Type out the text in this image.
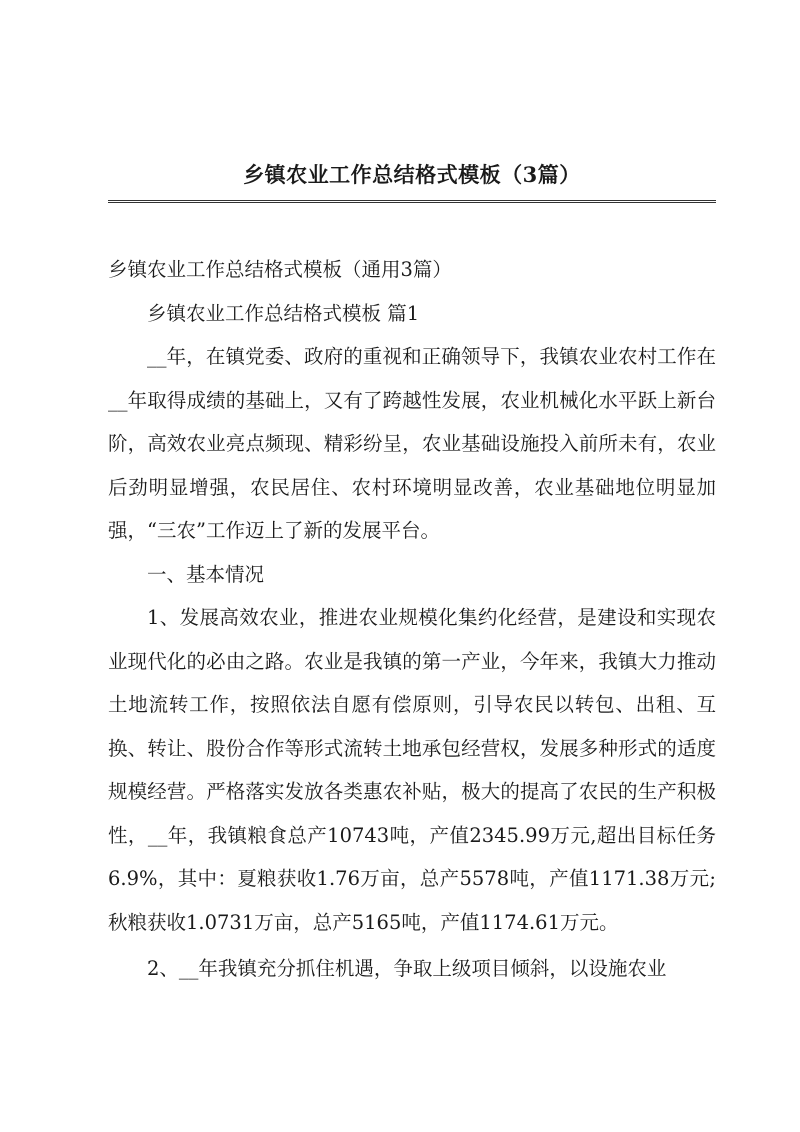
乡镇农业工作总结格式模板（3篇）

乡镇农业工作总结格式模板（通用3篇）

乡镇农业工作总结格式模板 篇1

__年，在镇党委、政府的重视和正确领导下，我镇农业农村工作在__年取得成绩的基础上，又有了跨越性发展，农业机械化水平跃上新台阶，高效农业亮点频现、精彩纷呈，农业基础设施投入前所未有，农业后劲明显增强，农民居住、农村环境明显改善，农业基础地位明显加强，“三农”工作迈上了新的发展平台。

一、基本情况

1、发展高效农业，推进农业规模化集约化经营，是建设和实现农业现代化的必由之路。农业是我镇的第一产业，今年来，我镇大力推动土地流转工作，按照依法自愿有偿原则，引导农民以转包、出租、互换、转让、股份合作等形式流转土地承包经营权，发展多种形式的适度规模经营。严格落实发放各类惠农补贴，极大的提高了农民的生产积极性，__年，我镇粮食总产10743吨，产值2345.99万元,超出目标任务6.9%，其中：夏粮获收1.76万亩，总产5578吨，产值1171.38万元;秋粮获收1.0731万亩，总产5165吨，产值1174.61万元。

2、__年我镇充分抓住机遇，争取上级项目倾斜，以设施农业
